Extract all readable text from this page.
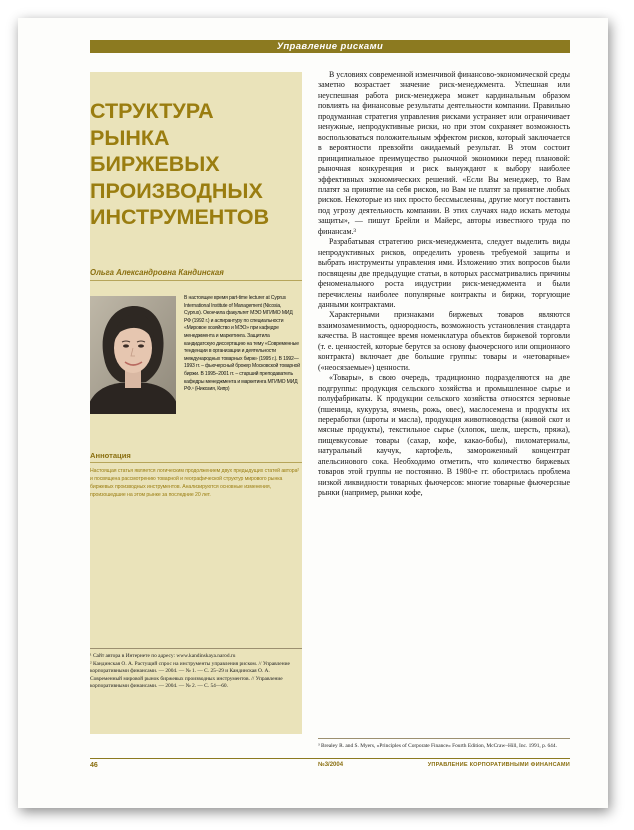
Управление рисками
СТРУКТУРА
РЫНКА
БИРЖЕВЫХ
ПРОИЗВОДНЫХ
ИНСТРУМЕНТОВ
Ольга Александровна Кандинская

В настоящее время part-time lecturer at Cyprus International Institute of Management (Nicosia, Cyprus). Окончила факультет МЭО МГИМО МИД РФ (1992 г.) и аспирантуру по специальности «Мировое хозяйство и МЭО» при кафедре менеджмента и маркетинга. Защитила кандидатскую диссертацию на тему «Современные тенденции в организации и деятельности международных товарных бирж» (1995 г.). В 1992—1993 гг. – фьючерсный брокер Московской товарной биржи. В 1995–2001 гг. – старший преподаватель кафедры менеджмента и маркетинга МГИМО МИД РФ.¹ (Никозия, Кипр)

Аннотация

Настоящая статья является логическим продолжением двух предыдущих статей автора² и посвящена рассмотрению товарной и географической структур мирового рынка биржевых производных инструментов. Анализируются основные изменения, произошедшие на этом рынке за последние 20 лет.

¹ Сайт автора в Интернете по адресу: www.kandinskaya.narod.ru

² Кандинская О. А. Растущий спрос на инструменты управления риском. // Управление корпоративными финансами. — 2004. — № 1. — С. 25–29 и Кандинская О. А. Современный мировой рынок биржевых производных инструментов. // Управление корпоративными финансами. — 2004. — № 2. — С. 54—60.

В условиях современной изменчивой финансово-экономической среды заметно возрастает значение риск-менеджмента. Успешная или неуспешная работа риск-менеджера может кардинальным образом повлиять на финансовые результаты деятельности компании. Правильно продуманная стратегия управления рисками устраняет или ограничивает ненужные, непродуктивные риски, но при этом сохраняет возможность воспользоваться положительным эффектом рисков, который заключается в вероятности превзойти ожидаемый результат. В этом состоит принципиальное преимущество рыночной экономики перед плановой: рыночная конкуренция и риск вынуждают к выбору наиболее эффективных экономических решений. «Если Вы менеджер, то Вам платят за принятие на себя рисков, но Вам не платят за принятие любых рисков. Некоторые из них просто бессмысленны, другие могут поставить под угрозу деятельность компании. В этих случаях надо искать методы защиты», — пишут Брейли и Майерс, авторы известного труда по финансам.³

Разрабатывая стратегию риск-менеджмента, следует выделить виды непродуктивных рисков, определить уровень требуемой защиты и выбрать инструменты управления ими. Изложению этих вопросов были посвящены две предыдущие статьи, в которых рассматривались причины феноменального роста индустрии риск-менеджмента и были перечислены наиболее популярные контракты и биржи, торгующие данными контрактами.

Характерными признаками биржевых товаров являются взаимозаменимость, однородность, возможность установления стандарта качества. В настоящее время номенклатура объектов биржевой торговли (т. е. ценностей, которые берутся за основу фьючерсного или опционного контракта) включает две большие группы: товары и «нетоварные» («неосязаемые») ценности.

«Товары», в свою очередь, традиционно подразделяются на две подгруппы: продукция сельского хозяйства и промышленное сырье и полуфабрикаты. К продукции сельского хозяйства относятся зерновые (пшеница, кукуруза, ячмень, рожь, овес), маслосемена и продукты их переработки (шроты и масла), продукция животноводства (живой скот и мясные продукты), текстильное сырье (хлопок, шелк, шерсть, пряжа), пищевкусовые товары (сахар, кофе, какао-бобы), пиломатериалы, натуральный каучук, картофель, замороженный концентрат апельсинового сока. Необходимо отметить, что количество биржевых товаров этой группы не постоянно. В 1980-е гг. обострилась проблема низкой ликвидности товарных фьючерсов: многие товарные фьючерсные рынки (например, рынки кофе,

³ Brealey R. and S. Myers, «Principles of Corporate Finance» Fourth Edition, McCraw–Hill, Inc. 1991, p. 644.
46	№3/2004	УПРАВЛЕНИЕ КОРПОРАТИВНЫМИ ФИНАНСАМИ
